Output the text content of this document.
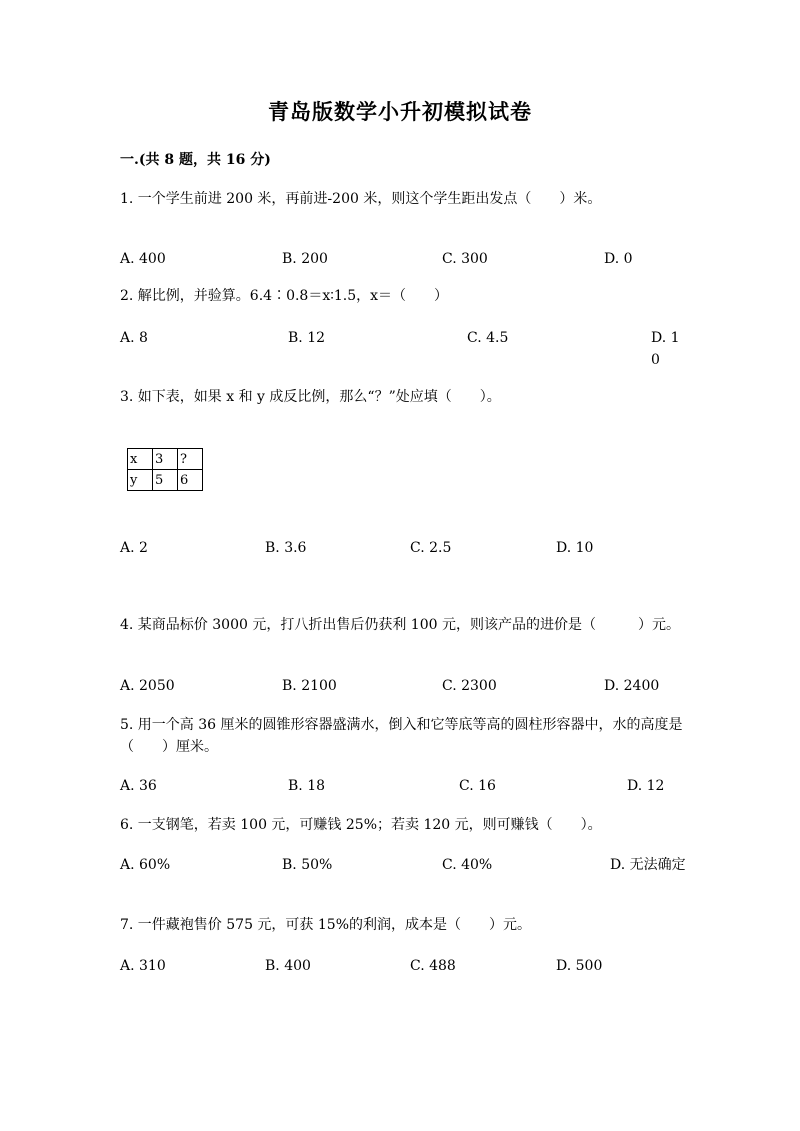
青岛版数学小升初模拟试卷
一.(共 8 题，共 16 分)
1. 一个学生前进 200 米，再前进-200 米，则这个学生距出发点（　　）米。
A. 400	B. 200	C. 300	D. 0
2. 解比例，并验算。6.4∶0.8＝x∶1.5，x＝（　　）
A. 8	B. 12	C. 4.5	D. 10
3. 如下表，如果 x 和 y 成反比例，那么“？”处应填（　　）。
x	3	?
y	5	6
A. 2	B. 3.6	C. 2.5	D. 10
4. 某商品标价 3000 元，打八折出售后仍获利 100 元，则该产品的进价是（　　　）元。
A. 2050	B. 2100	C. 2300	D. 2400
5. 用一个高 36 厘米的圆锥形容器盛满水，倒入和它等底等高的圆柱形容器中，水的高度是（　　）厘米。
A. 36	B. 18	C. 16	D. 12
6. 一支钢笔，若卖 100 元，可赚钱 25%；若卖 120 元，则可赚钱（　　）。
A. 60%	B. 50%	C. 40%	D. 无法确定
7. 一件藏袍售价 575 元，可获 15%的利润，成本是（　　）元。
A. 310	B. 400	C. 488	D. 500
